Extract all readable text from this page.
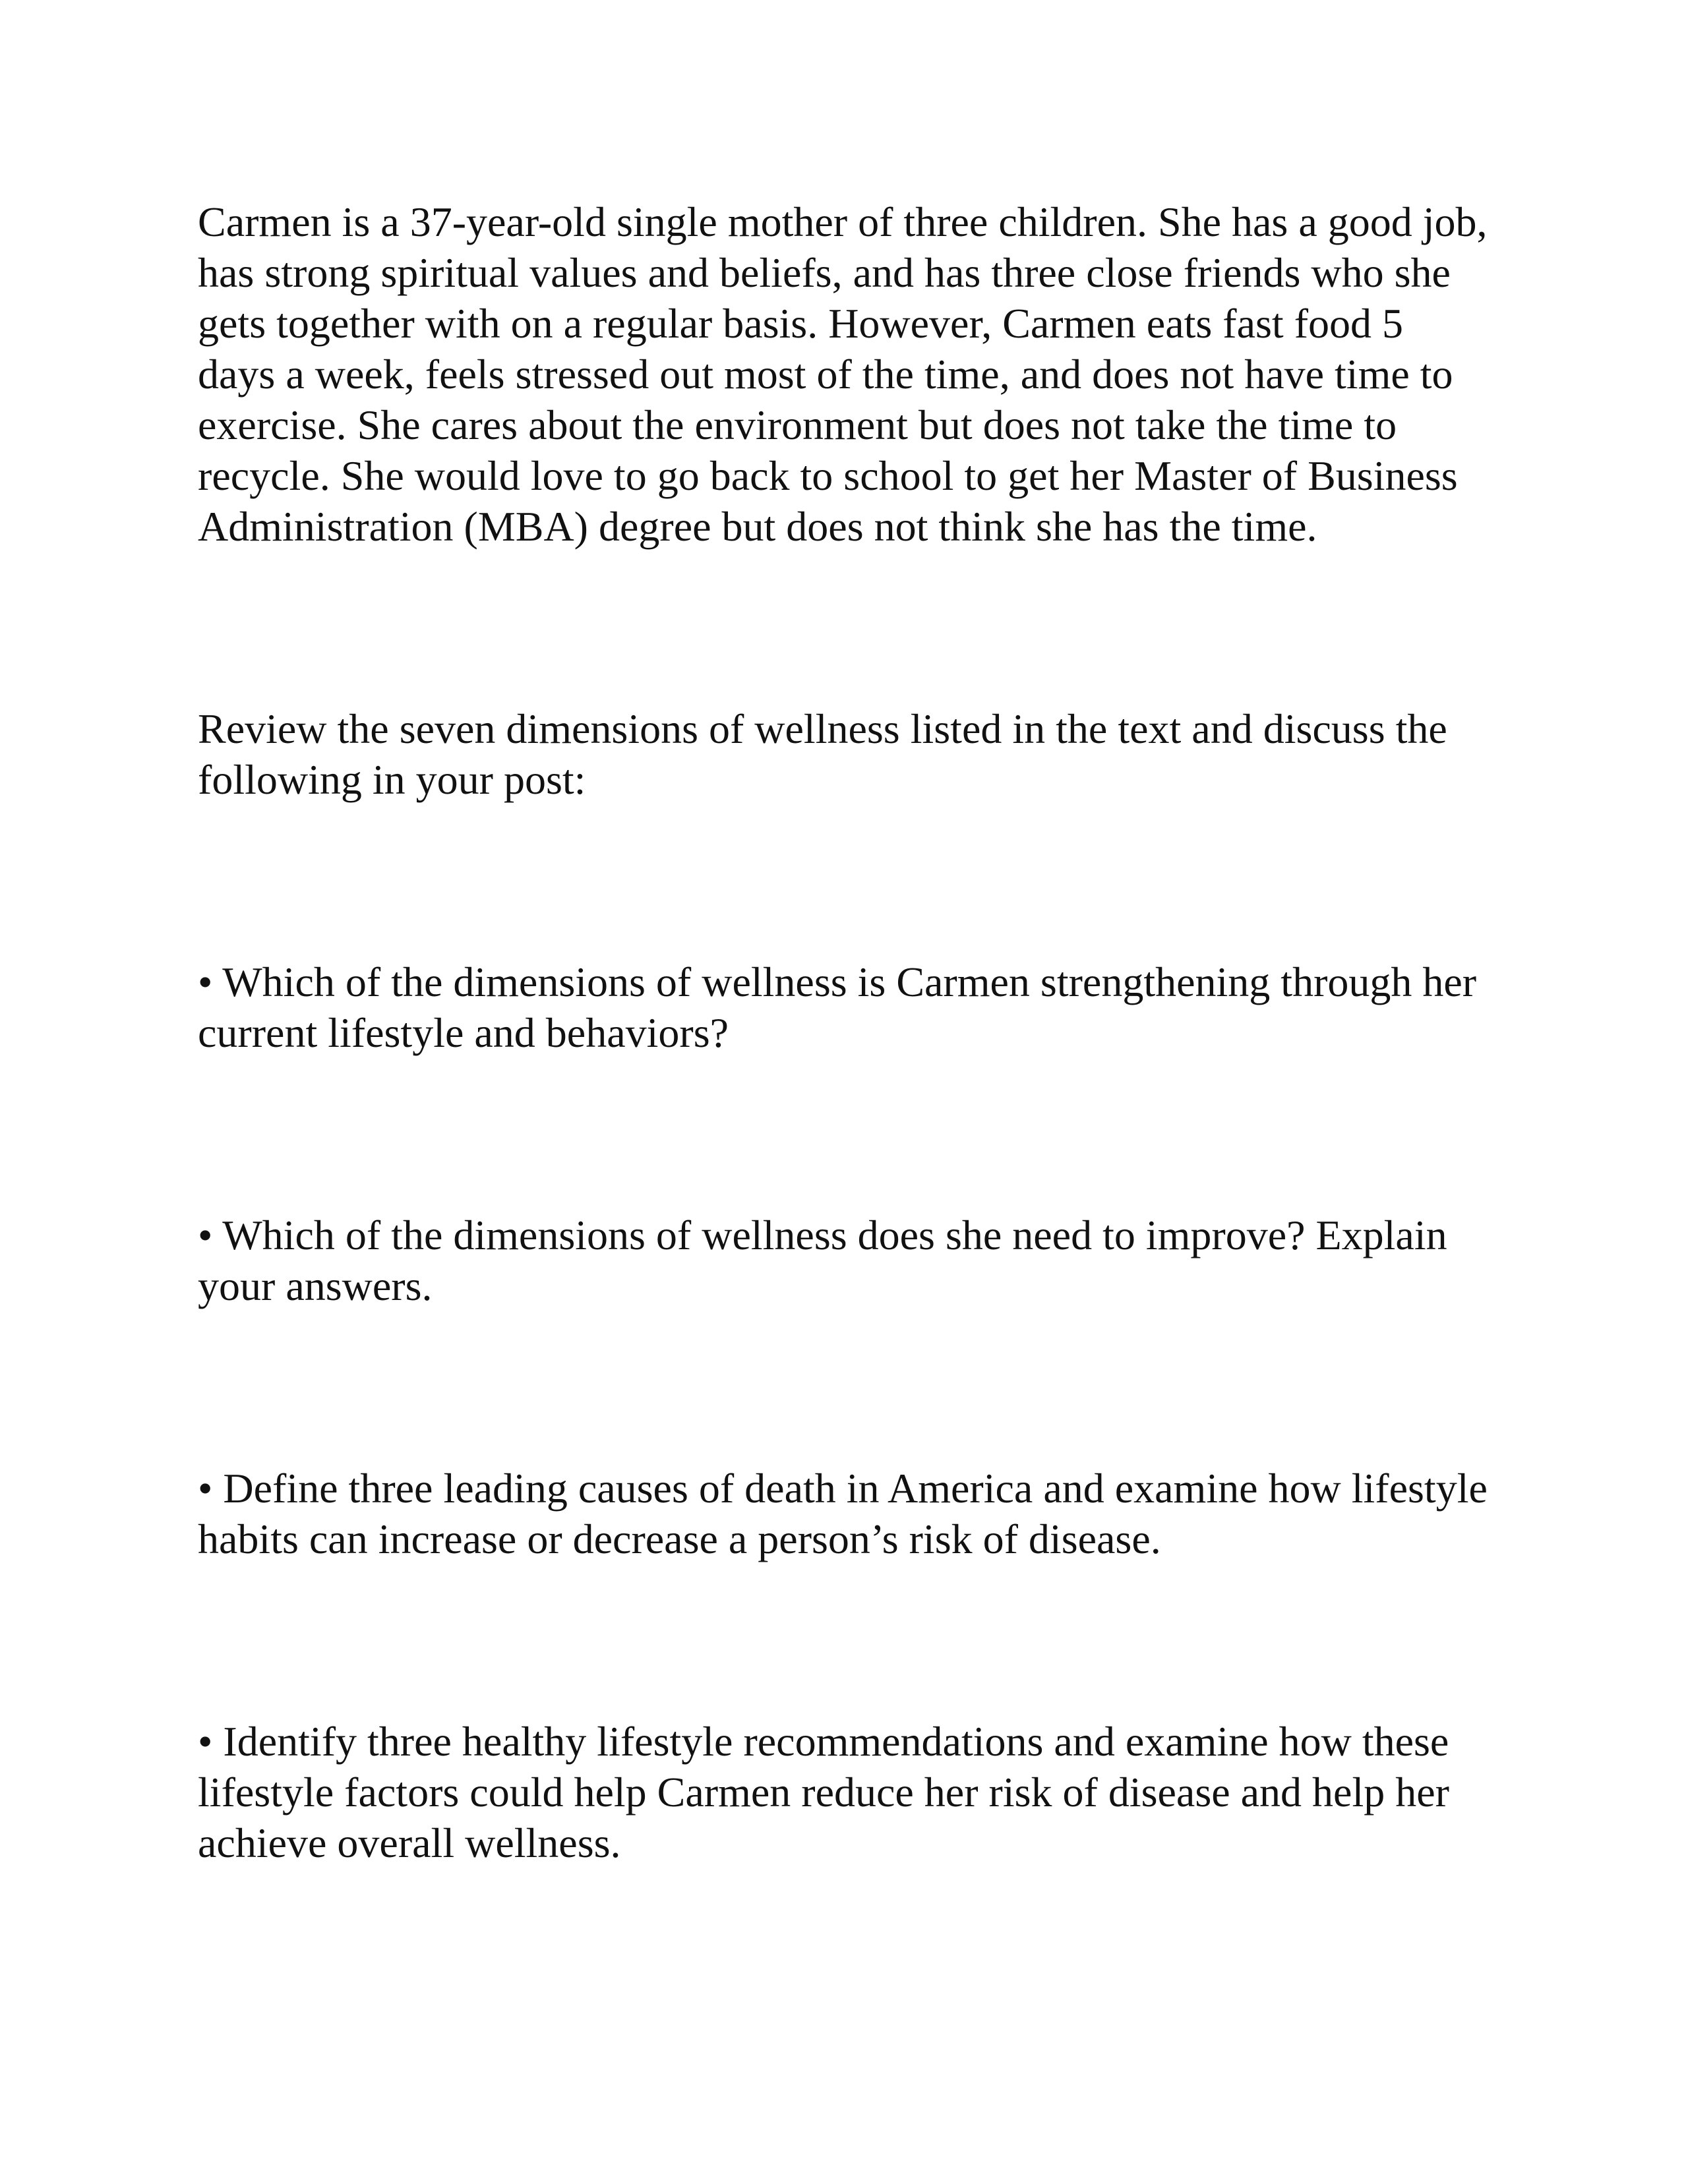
Carmen is a 37-year-old single mother of three children. She has a good job, has strong spiritual values and beliefs, and has three close friends who she gets together with on a regular basis. However, Carmen eats fast food 5 days a week, feels stressed out most of the time, and does not have time to exercise. She cares about the environment but does not take the time to recycle. She would love to go back to school to get her Master of Business Administration (MBA) degree but does not think she has the time.

Review the seven dimensions of wellness listed in the text and discuss the following in your post:

• Which of the dimensions of wellness is Carmen strengthening through her current lifestyle and behaviors?

• Which of the dimensions of wellness does she need to improve? Explain your answers.

• Define three leading causes of death in America and examine how lifestyle habits can increase or decrease a person’s risk of disease.

• Identify three healthy lifestyle recommendations and examine how these lifestyle factors could help Carmen reduce her risk of disease and help her achieve overall wellness.
